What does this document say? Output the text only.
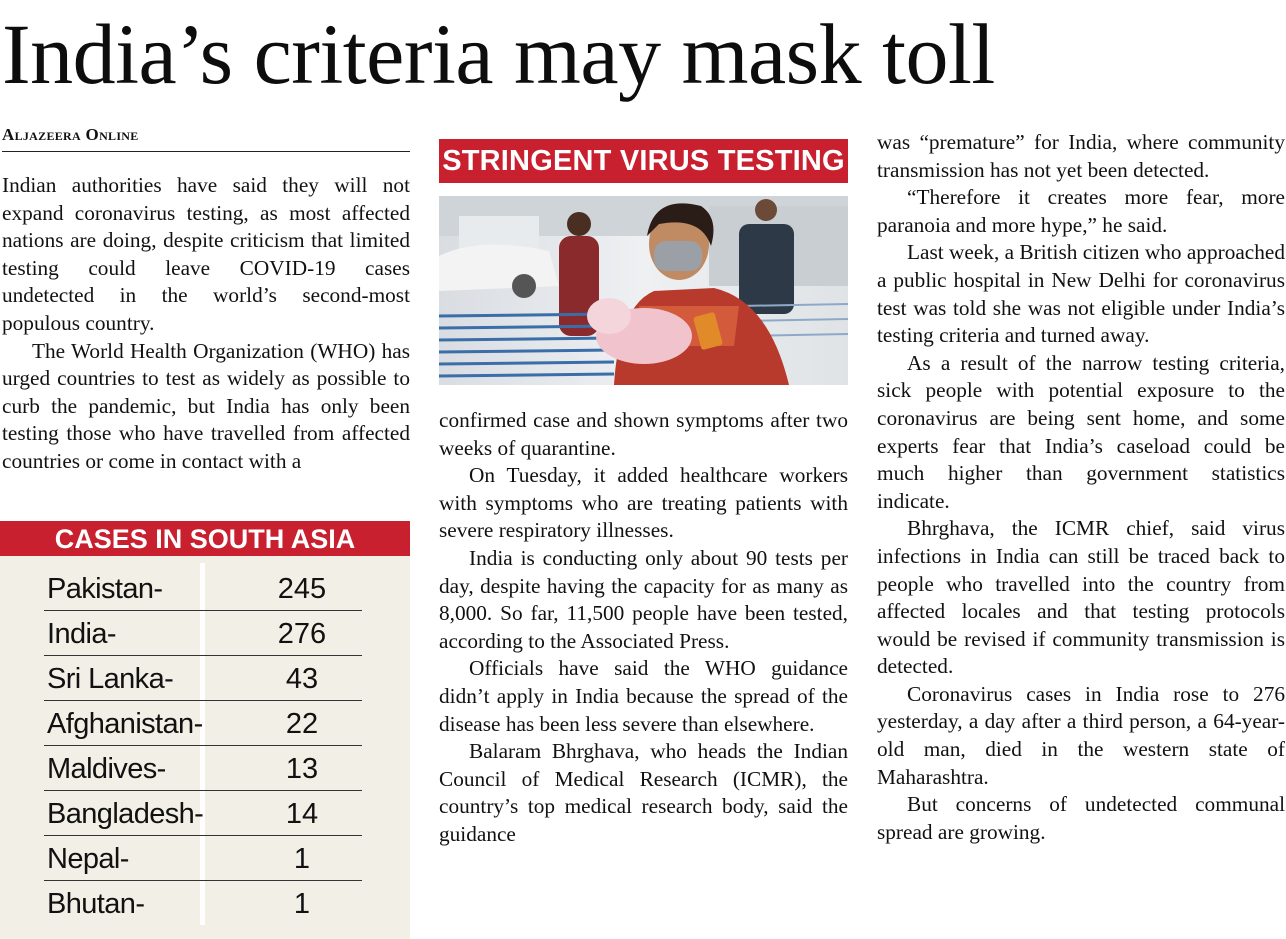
India’s criteria may mask toll
Aljazeera Online

Indian authorities have said they will not expand coronavirus testing, as most affected nations are doing, despite criticism that limited testing could leave COVID-19 cases undetected in the world’s second-most populous country.

The World Health Organization (WHO) has urged countries to test as widely as possible to curb the pandemic, but India has only been testing those who have travelled from affected countries or come in contact with a

CASES IN SOUTH ASIA
Pakistan-	245
India-	276
Sri Lanka-	43
Afghanistan-	22
Maldives-	13
Bangladesh-	14
Nepal-	1
Bhutan-	1
STRINGENT VIRUS TESTING

confirmed case and shown symptoms after two weeks of quarantine.

On Tuesday, it added healthcare workers with symptoms who are treating patients with severe respiratory illnesses.

India is conducting only about 90 tests per day, despite having the capacity for as many as 8,000. So far, 11,500 people have been tested, according to the Associated Press.

Officials have said the WHO guidance didn’t apply in India because the spread of the disease has been less severe than elsewhere.

Balaram Bhrghava, who heads the Indian Council of Medical Research (ICMR), the country’s top medical research body, said the guidance

was “premature” for India, where community transmission has not yet been detected.

“Therefore it creates more fear, more paranoia and more hype,” he said.

Last week, a British citizen who approached a public hospital in New Delhi for coronavirus test was told she was not eligible under India’s testing criteria and turned away.

As a result of the narrow testing criteria, sick people with potential exposure to the coronavirus are being sent home, and some experts fear that India’s caseload could be much higher than government statistics indicate.

Bhrghava, the ICMR chief, said virus infections in India can still be traced back to people who travelled into the country from affected locales and that testing protocols would be revised if community transmission is detected.

Coronavirus cases in India rose to 276 yesterday, a day after a third person, a 64-year-old man, died in the western state of Maharashtra.

But concerns of undetected communal spread are growing.
